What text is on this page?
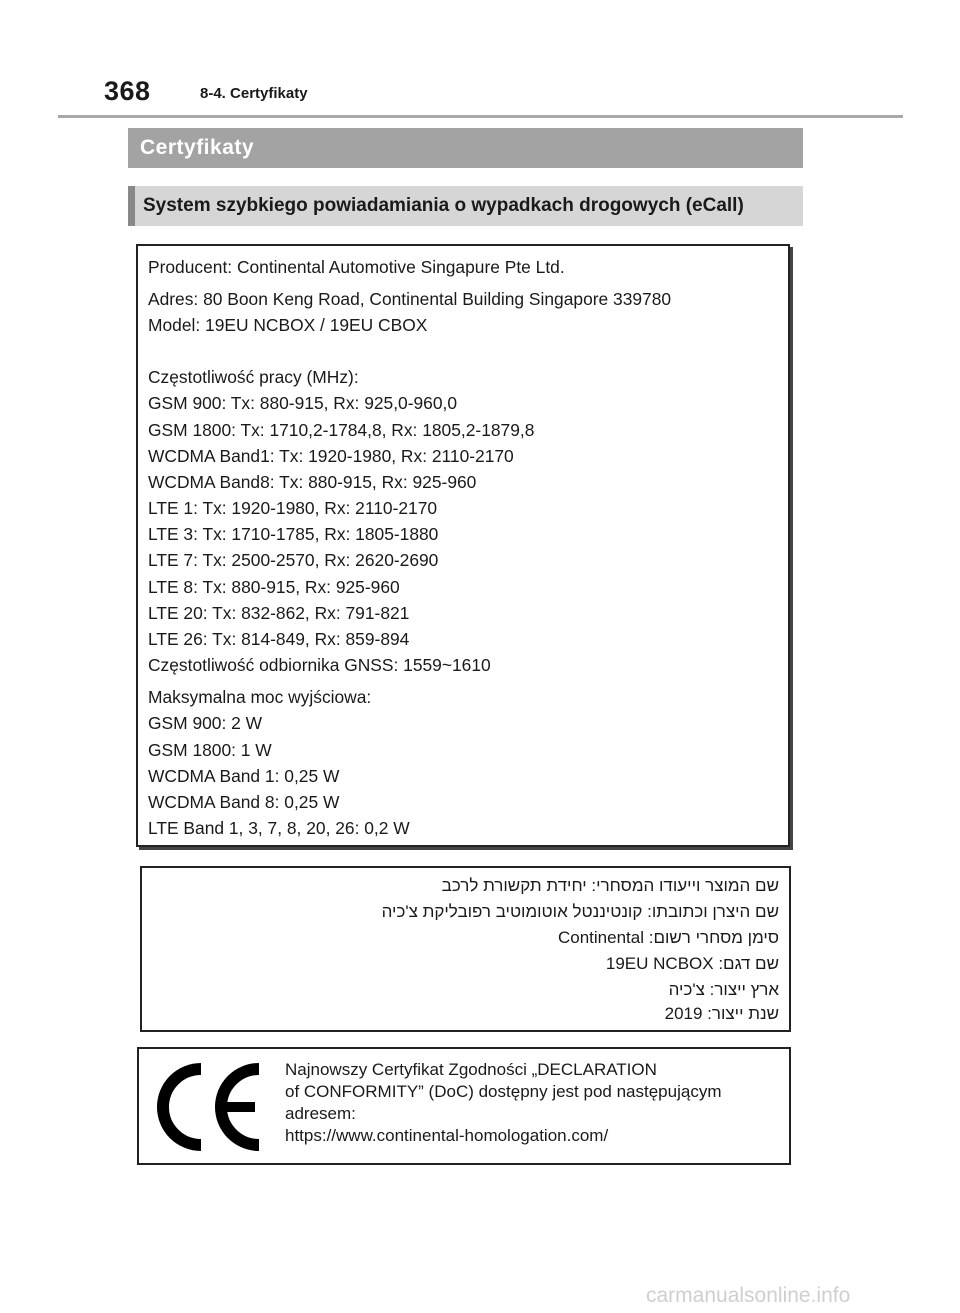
368	8-4. Certyfikaty
Certyfikaty
System szybkiego powiadamiania o wypadkach drogowych (eCall)

Producent: Continental Automotive Singapure Pte Ltd.

Adres: 80 Boon Keng Road, Continental Building Singapore 339780

Model: 19EU NCBOX / 19EU CBOX

Częstotliwość pracy (MHz):

GSM 900: Tx: 880-915, Rx: 925,0-960,0

GSM 1800: Tx: 1710,2-1784,8, Rx: 1805,2-1879,8

WCDMA Band1: Tx: 1920-1980, Rx: 2110-2170

WCDMA Band8: Tx: 880-915, Rx: 925-960

LTE 1: Tx: 1920-1980, Rx: 2110-2170

LTE 3: Tx: 1710-1785, Rx: 1805-1880

LTE 7: Tx: 2500-2570, Rx: 2620-2690

LTE 8: Tx: 880-915, Rx: 925-960

LTE 20: Tx: 832-862, Rx: 791-821

LTE 26: Tx: 814-849, Rx: 859-894

Częstotliwość odbiornika GNSS: 1559~1610

Maksymalna moc wyjściowa:

GSM 900: 2 W

GSM 1800: 1 W

WCDMA Band 1: 0,25 W

WCDMA Band 8: 0,25 W

LTE Band 1, 3, 7, 8, 20, 26: 0,2 W

שם המוצר וייעודו המסחרי: יחידת תקשורת לרכב

שם היצרן וכתובתו: קונטיננטל אוטומוטיב רפובליקת צ'כיה

סימן מסחרי רשום: Continental

שם דגם: 19EU NCBOX

ארץ ייצור: צ'כיה

שנת ייצור: 2019

Najnowszy Certyfikat Zgodności „DECLARATION
of CONFORMITY” (DoC) dostępny jest pod następującym
adresem:
https://www.continental-homologation.com/
carmanualsonline.info
